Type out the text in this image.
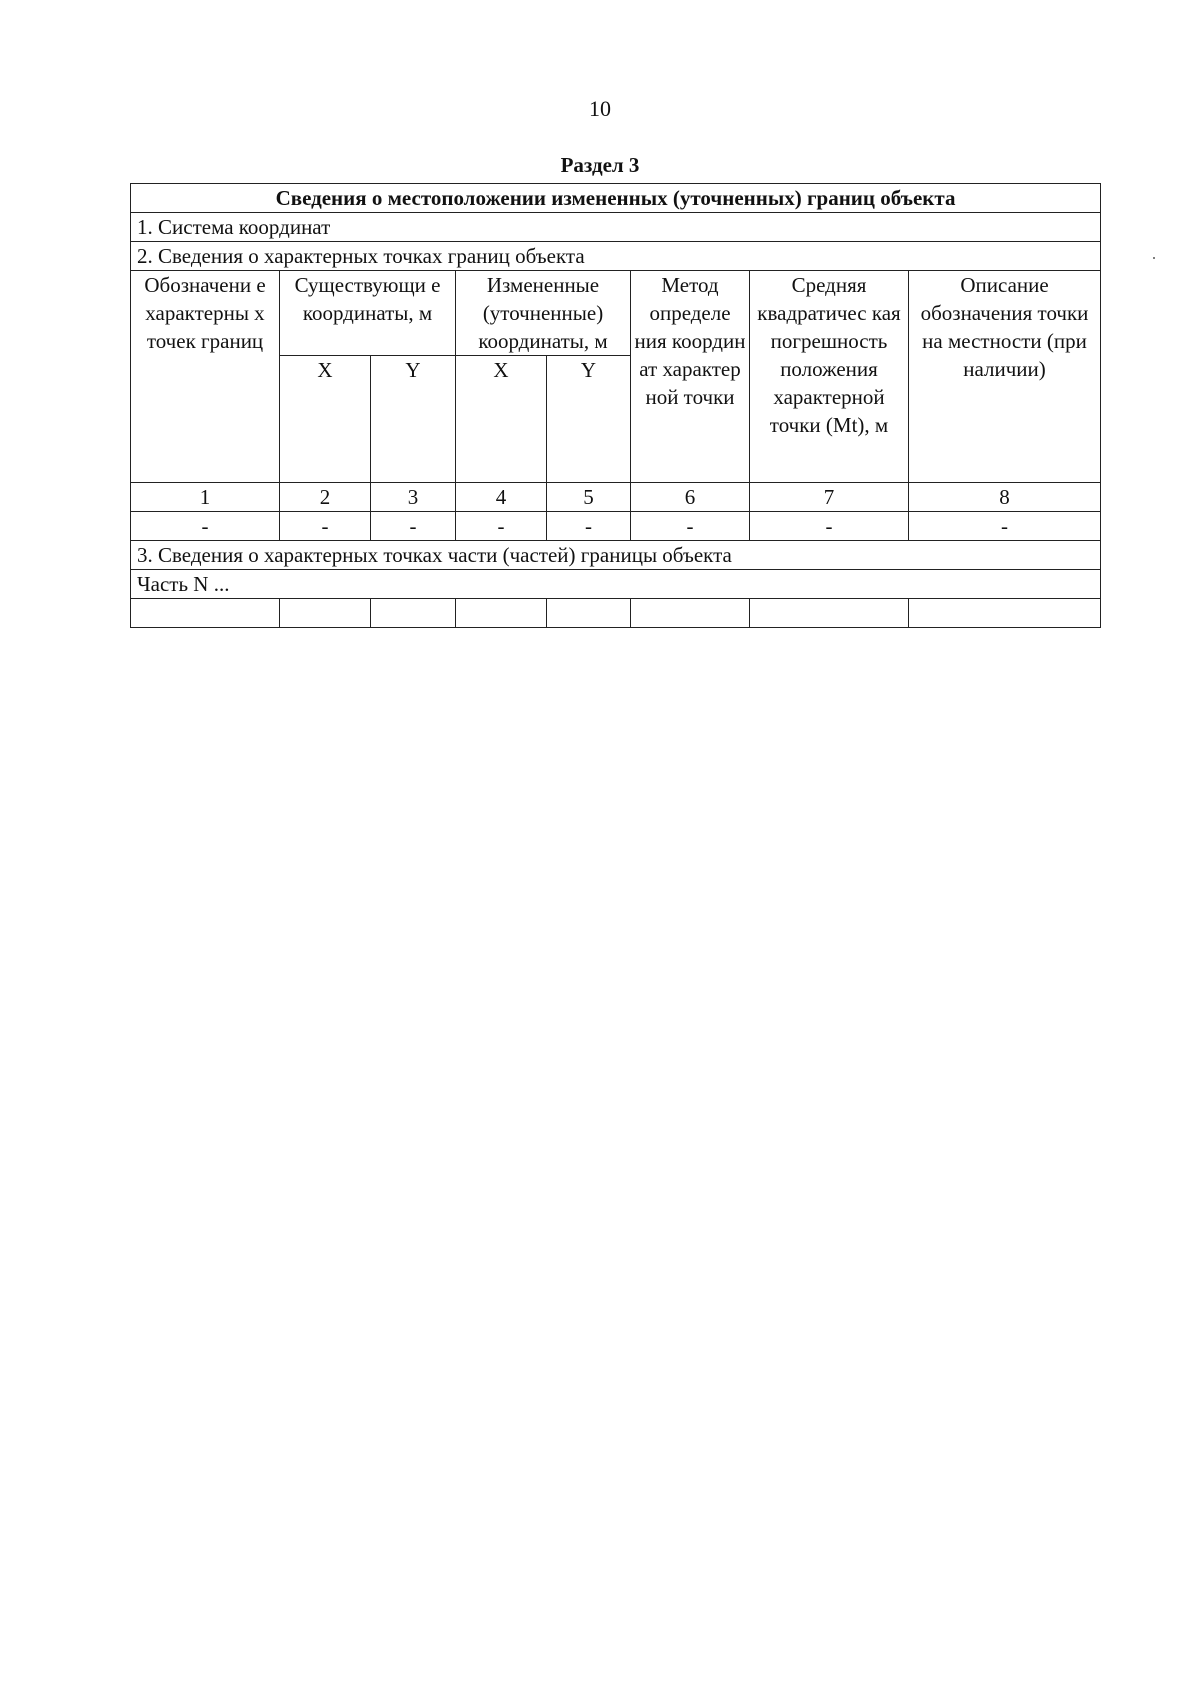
10
Раздел 3
Сведения о местоположении измененных (уточненных) границ объекта							
1. Система координат							
2. Сведения о характерных точках границ объекта							
Обозначени е характерны х точек границ	Существующи е координаты, м		Измененные (уточненные) координаты, м		Метод определе ния координ ат характер ной точки	Средняя квадратичес кая погрешность положения характерной точки (Mt), м	Описание обозначения точки на местности (при наличии)
	X	Y	X	Y			
1	2	3	4	5	6	7	8
-	-	-	-	-	-	-	-
3. Сведения о характерных точках части (частей) границы объекта							
Часть N ...							
